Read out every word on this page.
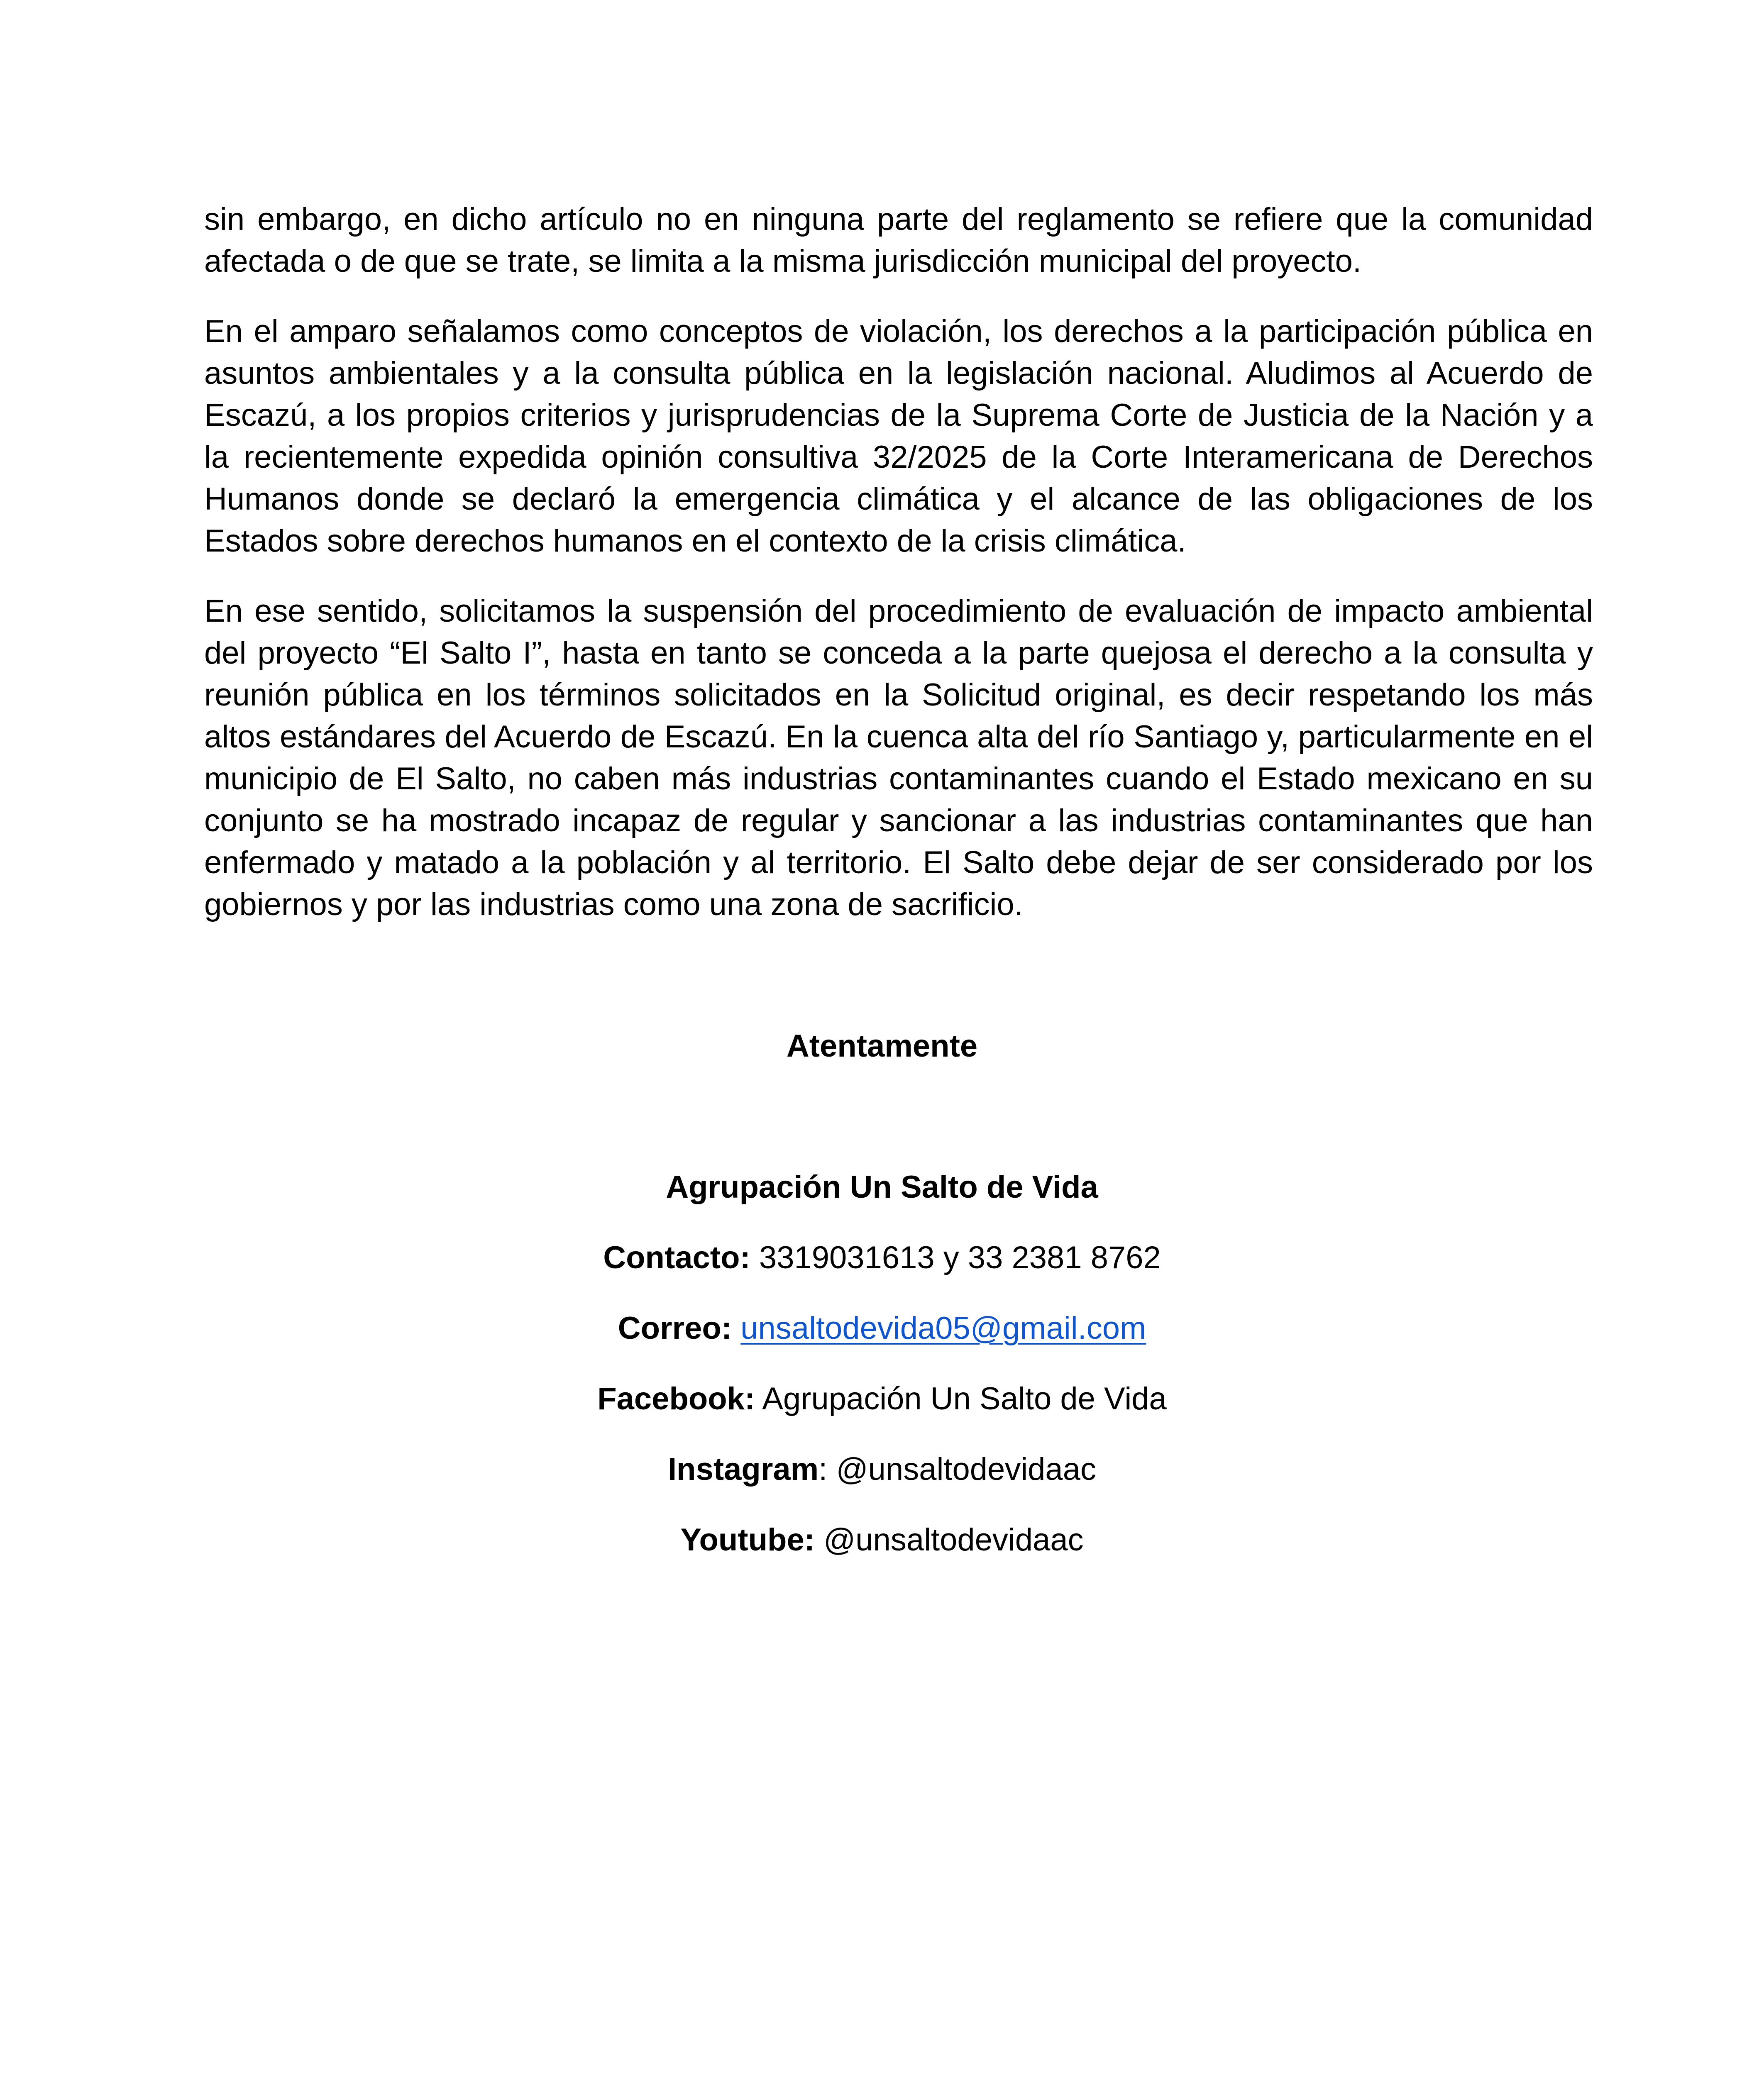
sin embargo, en dicho artículo no en ninguna parte del reglamento se refiere que la comunidad afectada o de que se trate, se limita a la misma jurisdicción municipal del proyecto.

En el amparo señalamos como conceptos de violación, los derechos a la participación pública en asuntos ambientales y a la consulta pública en la legislación nacional. Aludimos al Acuerdo de Escazú, a los propios criterios y jurisprudencias de la Suprema Corte de Justicia de la Nación y a la recientemente expedida opinión consultiva 32/2025 de la Corte Interamericana de Derechos Humanos donde se declaró la emergencia climática y el alcance de las obligaciones de los Estados sobre derechos humanos en el contexto de la crisis climática.

En ese sentido, solicitamos la suspensión del procedimiento de evaluación de impacto ambiental del proyecto “El Salto I”, hasta en tanto se conceda a la parte quejosa el derecho a la consulta y reunión pública en los términos solicitados en la Solicitud original, es decir respetando los más altos estándares del Acuerdo de Escazú. En la cuenca alta del río Santiago y, particularmente en el municipio de El Salto, no caben más industrias contaminantes cuando el Estado mexicano en su conjunto se ha mostrado incapaz de regular y sancionar a las industrias contaminantes que han enfermado y matado a la población y al territorio. El Salto debe dejar de ser considerado por los gobiernos y por las industrias como una zona de sacrificio.

Atentamente
Agrupación Un Salto de Vida
Contacto: 3319031613 y 33 2381 8762
Correo: unsaltodevida05@gmail.com
Facebook: Agrupación Un Salto de Vida
Instagram: @unsaltodevidaac
Youtube: @unsaltodevidaac
